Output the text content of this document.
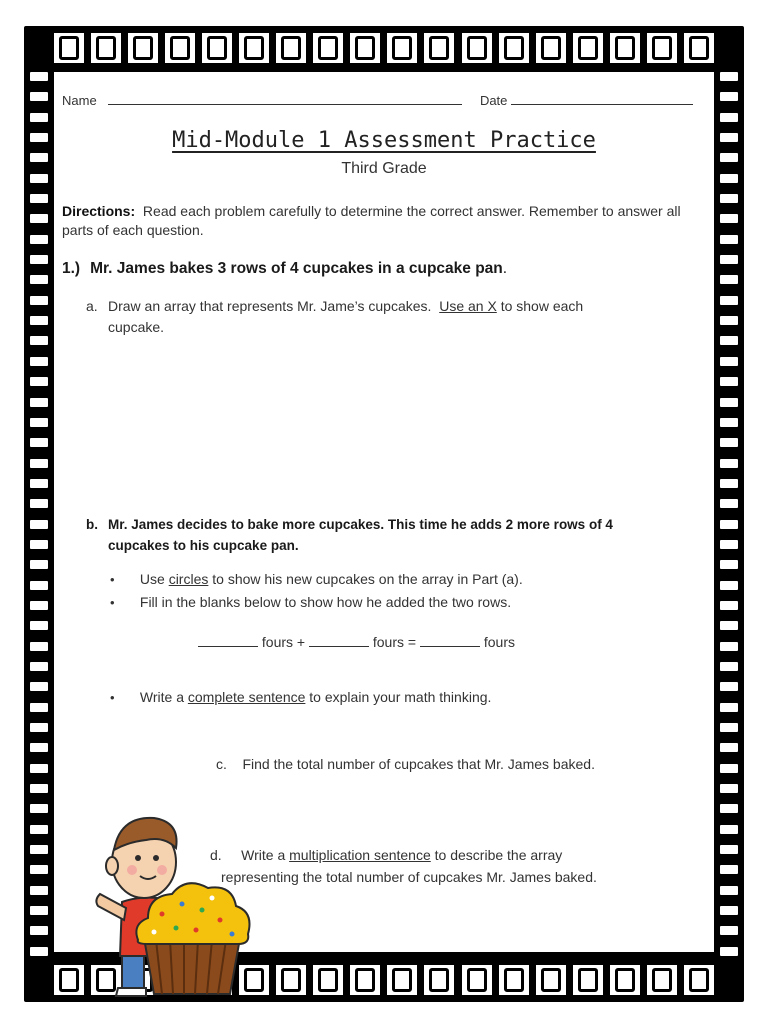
Name	Date
Mid-Module 1 Assessment Practice
Third Grade
Directions: Read each problem carefully to determine the correct answer. Remember to answer all parts of each question.
1.) Mr. James bakes 3 rows of 4 cupcakes in a cupcake pan.
a. Draw an array that represents Mr. Jame’s cupcakes. Use an X to show each
cupcake.
b. Mr. James decides to bake more cupcakes. This time he adds 2 more rows of 4
cupcakes to his cupcake pan.
• Use circles to show his new cupcakes on the array in Part (a).
• Fill in the blanks below to show how he added the two rows.
fours +	fours =	fours
• Write a complete sentence to explain your math thinking.
c. Find the total number of cupcakes that Mr. James baked.
d. Write a multiplication sentence to describe the array
representing the total number of cupcakes Mr. James baked.
